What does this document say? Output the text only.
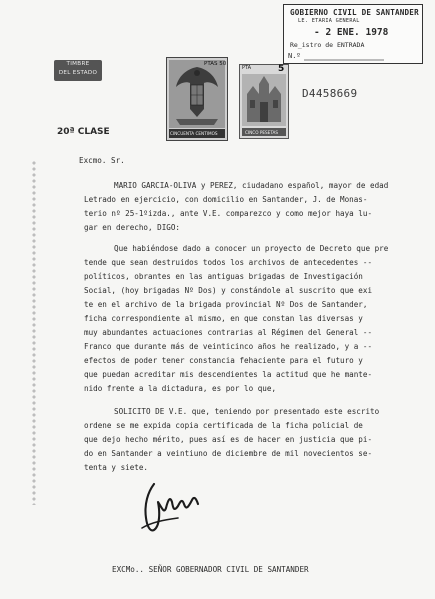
GOBIERNO CIVIL DE SANTANDER
LE. ETARIA GENERAL
- 2 ENE. 1978
Re_istro de ENTRADA
N.º
TIMBRE
DEL ESTADO
20ª CLASE
PTAS 50
CINCUENTA CENTIMOS
PTA	5
CINCO PESETAS
D4458669
Excmo. Sr.
MARIO GARCIA-OLIVA y PEREZ, ciudadano español, mayor de edad
Letrado en ejercicio, con domicilio en Santander, J. de Monas-
terio nº 25-1ºizda., ante V.E. comparezco y como mejor haya lu-
gar en derecho, DIGO:
Que habiéndose dado a conocer un proyecto de Decreto que pre
tende que sean destruidos todos los archivos de antecedentes --
políticos, obrantes en las antiguas brigadas de Investigación
Social, (hoy brigadas Nº Dos) y constándole al suscrito que exi
te en el archivo de la brigada provincial Nº Dos de Santander,
ficha correspondiente al mismo, en que constan las diversas y
muy abundantes actuaciones contrarias al Régimen del General --
Franco que durante más de veinticinco años he realizado, y a --
efectos de poder tener constancia fehaciente para el futuro y
que puedan acreditar mis descendientes la actitud que he mante-
nido frente a la dictadura, es por lo que,
SOLICITO DE V.E. que, teniendo por presentado este escrito
ordene se me expida copia certificada de la ficha policial de
que dejo hecho mérito, pues así es de hacer en justicia que pi-
do en Santander a veintiuno de diciembre de mil novecientos se-
tenta y siete.
EXCMo.. SEÑOR GOBERNADOR CIVIL DE SANTANDER
